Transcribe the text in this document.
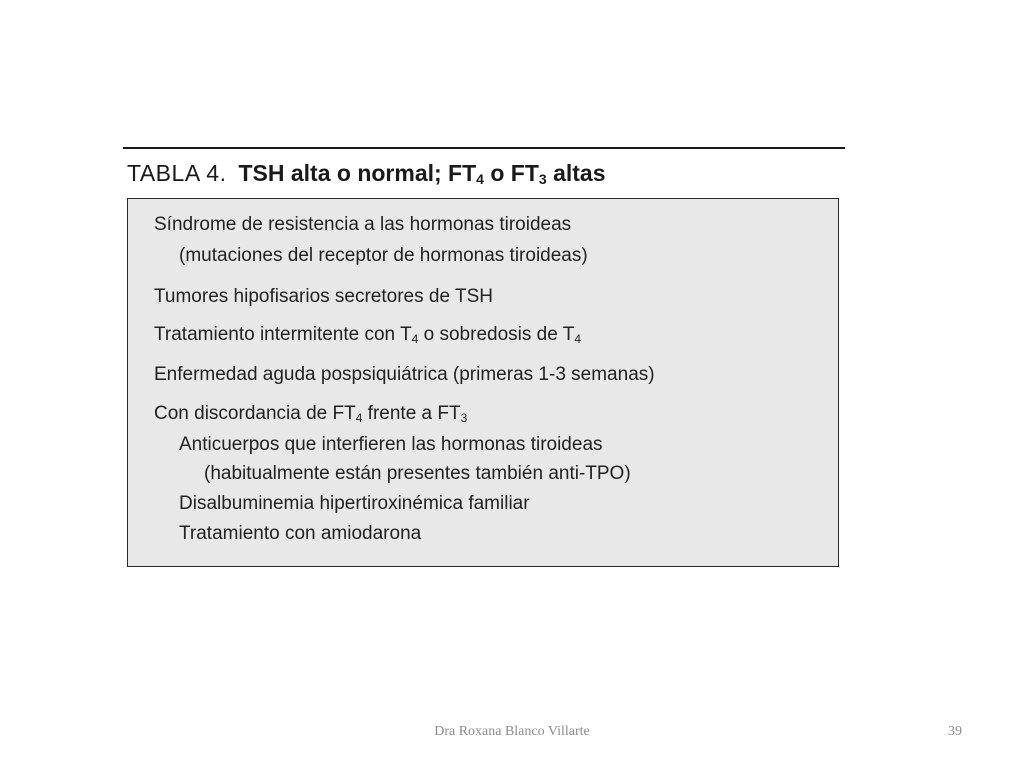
TABLA 4. TSH alta o normal; $FT_4$ o $FT_3$ altas
Síndrome de resistencia a las hormonas tiroideas
(mutaciones del receptor de hormonas tiroideas)
Tumores hipofisarios secretores de TSH
Tratamiento intermitente con $T_4$ o sobredosis de $T_4$
Enfermedad aguda pospsiquiátrica (primeras 1-3 semanas)
Con discordancia de $FT_4$ frente a $FT_3$
Anticuerpos que interfieren las hormonas tiroideas
(habitualmente están presentes también anti-TPO)
Disalbuminemia hipertiroxinémica familiar
Tratamiento con amiodarona
Dra Roxana Blanco Villarte	39
